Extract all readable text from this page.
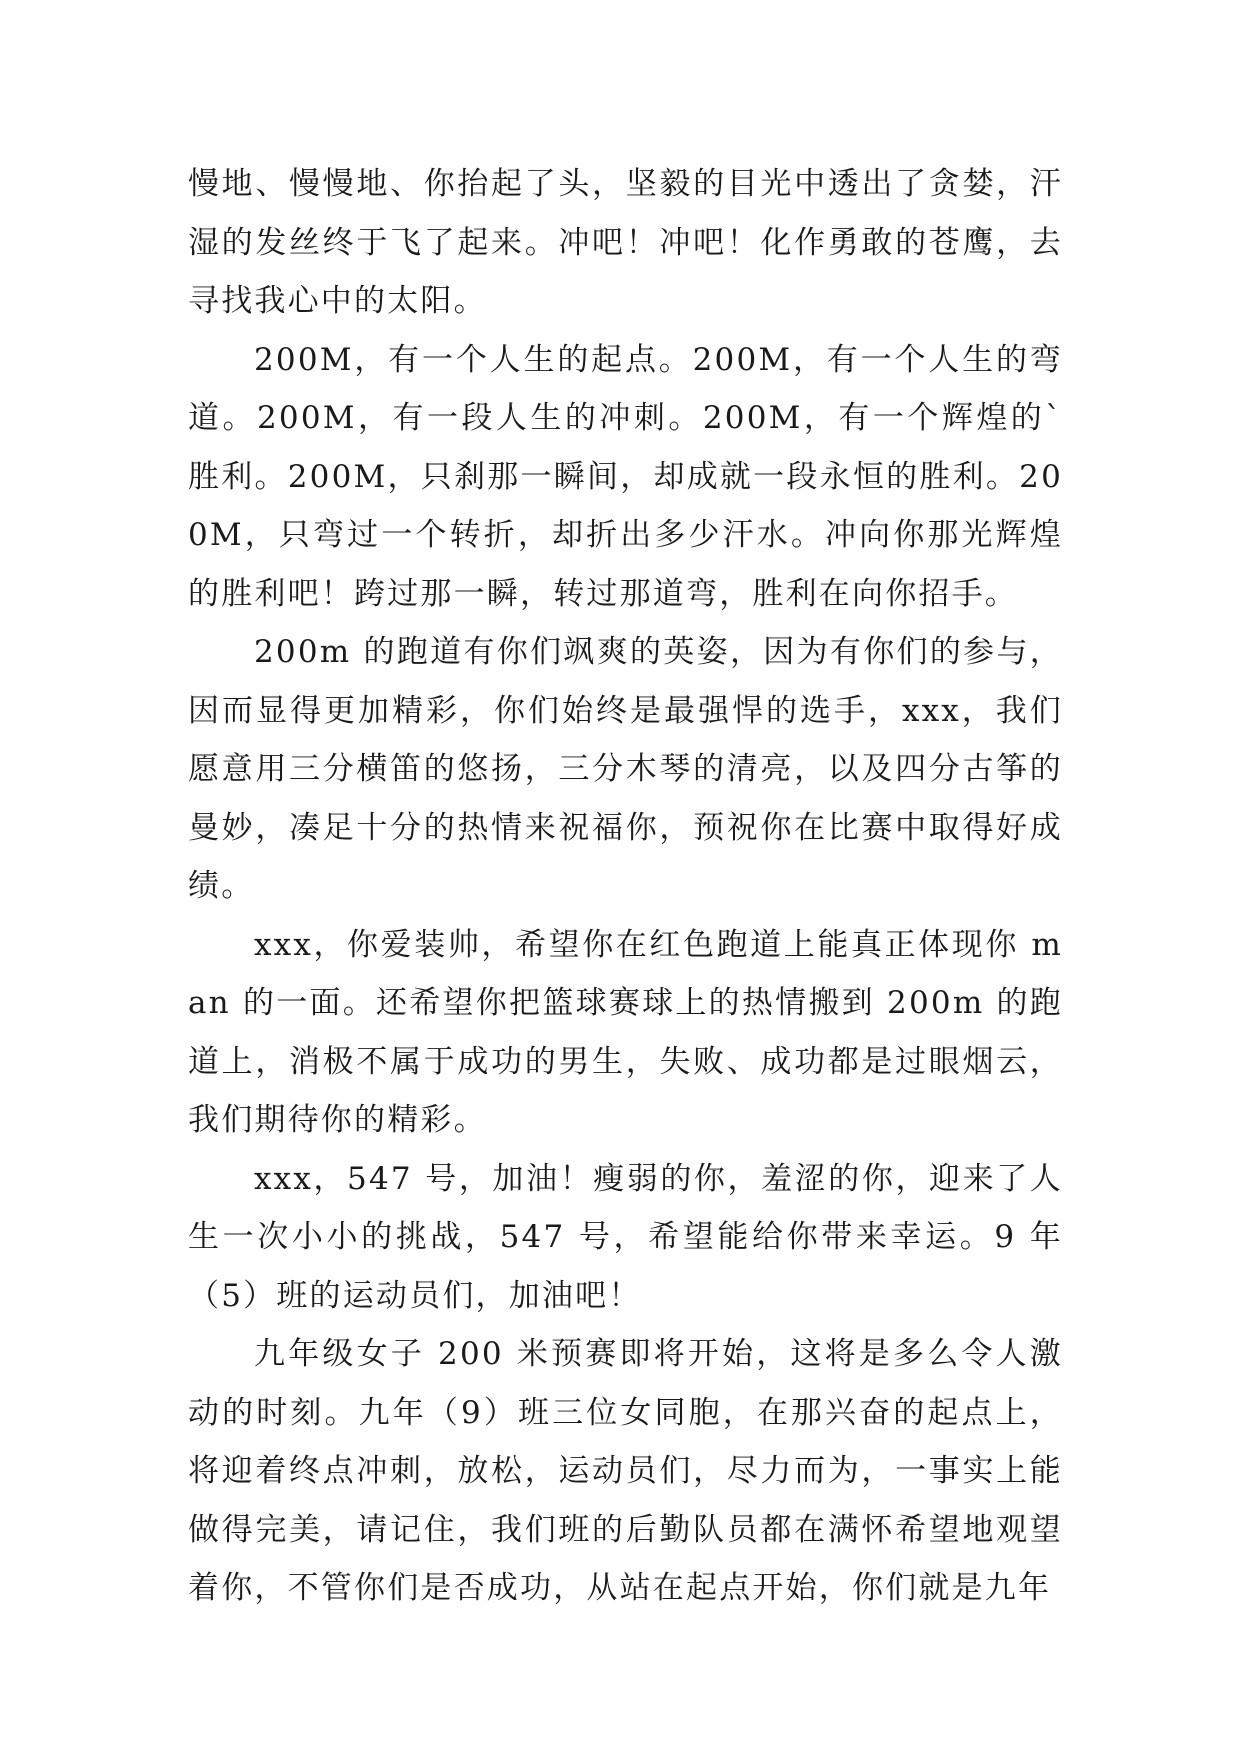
慢地、慢慢地、你抬起了头，坚毅的目光中透出了贪婪，汗湿的发丝终于飞了起来。冲吧！冲吧！化作勇敢的苍鹰，去寻找我心中的太阳。

200M，有一个人生的起点。200M，有一个人生的弯道。200M，有一段人生的冲刺。200M，有一个辉煌的`胜利。200M，只刹那一瞬间，却成就一段永恒的胜利。200M，只弯过一个转折，却折出多少汗水。冲向你那光辉煌的胜利吧！跨过那一瞬，转过那道弯，胜利在向你招手。

200m 的跑道有你们飒爽的英姿，因为有你们的参与，因而显得更加精彩，你们始终是最强悍的选手，xxx，我们愿意用三分横笛的悠扬，三分木琴的清亮，以及四分古筝的曼妙，凑足十分的热情来祝福你，预祝你在比赛中取得好成绩。

xxx，你爱装帅，希望你在红色跑道上能真正体现你 man 的一面。还希望你把篮球赛球上的热情搬到 200m 的跑道上，消极不属于成功的男生，失败、成功都是过眼烟云，我们期待你的精彩。

xxx，547 号，加油！瘦弱的你，羞涩的你，迎来了人生一次小小的挑战，547 号，希望能给你带来幸运。9 年（5）班的运动员们，加油吧！

九年级女子 200 米预赛即将开始，这将是多么令人激动的时刻。九年（9）班三位女同胞，在那兴奋的起点上，将迎着终点冲刺，放松，运动员们，尽力而为，一事实上能做得完美，请记住，我们班的后勤队员都在满怀希望地观望着你，不管你们是否成功，从站在起点开始，你们就是九年
